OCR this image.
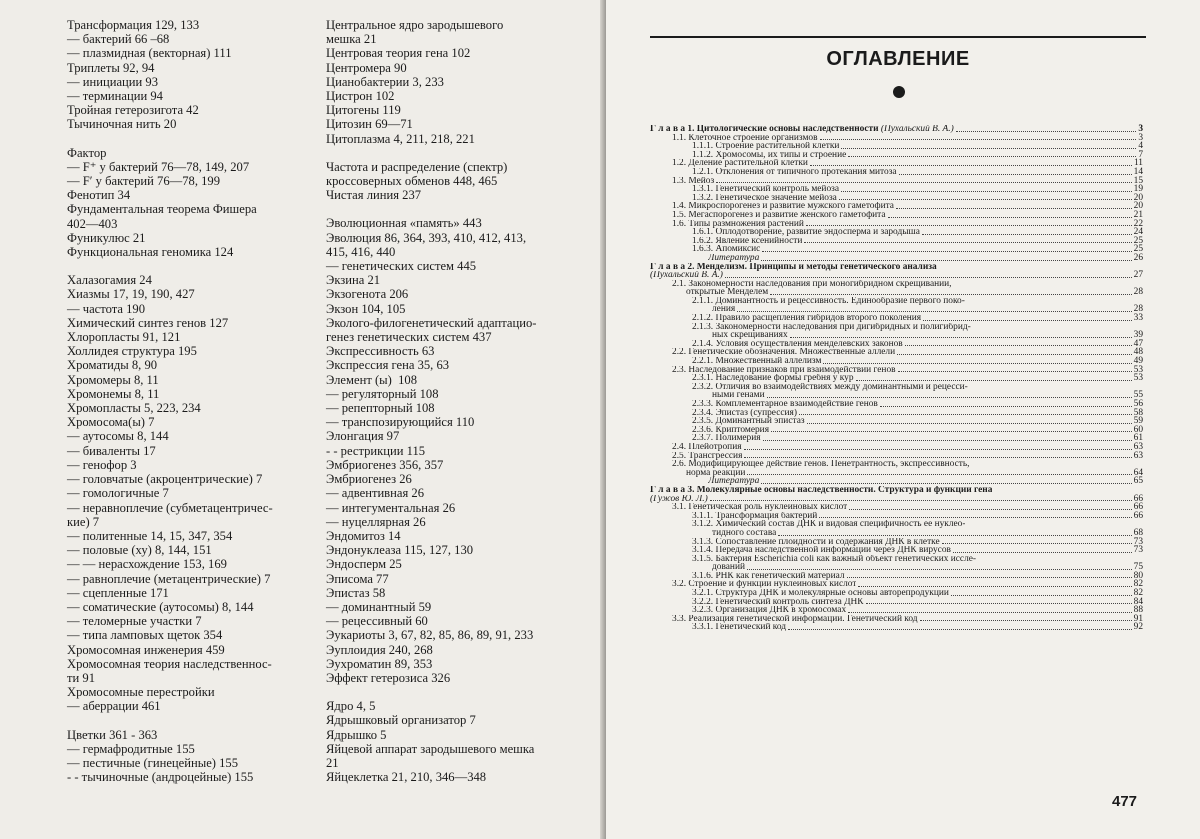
Трансформация 129, 133
— бактерий 66 –68
— плазмидная (векторная) 111
Триплеты 92, 94
— инициации 93
— терминации 94
Тройная гетерозигота 42
Тычиночная нить 20
Фактор
— F⁺ у бактерий 76—78, 149, 207
— F′ у бактерий 76—78, 199
Фенотип 34
Фундаментальная теорема Фишера
402—403
Фуникулюс 21
Функциональная геномика 124
Халазогамия 24
Хиазмы 17, 19, 190, 427
— частота 190
Химический синтез генов 127
Хлоропласты 91, 121
Холлидея структура 195
Хроматиды 8, 90
Хромомеры 8, 11
Хромонемы 8, 11
Хромопласты 5, 223, 234
Хромосома(ы) 7
— аутосомы 8, 144
— биваленты 17
— генофор 3
— головчатые (акроцентрические) 7
— гомологичные 7
— неравноплечие (субметацентричес-
кие) 7
— политенные 14, 15, 347, 354
— половые (ху) 8, 144, 151
— — нерасхождение 153, 169
— равноплечие (метацентрические) 7
— сцепленные 171
— соматические (аутосомы) 8, 144
— теломерные участки 7
— типа ламповых щеток 354
Хромосомная инженерия 459
Хромосомная теория наследственнос-
ти 91
Хромосомные перестройки
— аберрации 461
Цветки 361 - 363
— гермафродитные 155
— пестичные (гинецейные) 155
- - тычиночные (андроцейные) 155
Центральное ядро зародышевого
мешка 21
Центровая теория гена 102
Центромера 90
Цианобактерии 3, 233
Цистрон 102
Цитогены 119
Цитозин 69—71
Цитоплазма 4, 211, 218, 221
Частота и распределение (спектр)
кроссоверных обменов 448, 465
Чистая линия 237
Эволюционная «память» 443
Эволюция 86, 364, 393, 410, 412, 413,
415, 416, 440
— генетических систем 445
Экзина 21
Экзогенота 206
Экзон 104, 105
Эколого-филогенетический адаптацио-
генез генетических систем 437
Экспрессивность 63
Экспрессия гена 35, 63
Элемент (ы)  108
— регуляторный 108
— репепторный 108
— транспозирующийся 110
Элонгация 97
- - рестрикции 115
Эмбриогенез 356, 357
Эмбриогенез 26
— адвентивная 26
— интегументальная 26
— нуцеллярная 26
Эндомитоз 14
Эндонуклеаза 115, 127, 130
Эндосперм 25
Эписома 77
Эпистаз 58
— доминантный 59
— рецессивный 60
Эукариоты 3, 67, 82, 85, 86, 89, 91, 233
Эуплоидия 240, 268
Эухроматин 89, 353
Эффект гетерозиса 326
Ядро 4, 5
Ядрышковый организатор 7
Ядрышко 5
Яйцевой аппарат зародышевого мешка
21
Яйцеклетка 21, 210, 346—348
ОГЛАВЛЕНИЕ
Г л а в а 1. Цитологические основы наследственности (Пухальский В. А.)	3
1.1. Клеточное строение организмов	3
1.1.1. Строение растительной клетки	4
1.1.2. Хромосомы, их типы и строение	7
1.2. Деление растительной клетки	11
1.2.1. Отклонения от типичного протекания митоза	14
1.3. Мейоз	15
1.3.1. Генетический контроль мейоза	19
1.3.2. Генетическое значение мейоза	20
1.4. Микроспорогенез и развитие мужского гаметофита	20
1.5. Мегаспорогенез и развитие женского гаметофита	21
1.6. Типы размножения растений	22
1.6.1. Оплодотворение, развитие эндосперма и зародыша	24
1.6.2. Явление ксенийности	25
1.6.3. Апомиксис	25
Литература	26
Г л а в а 2. Менделизм. Принципы и методы генетического анализа
(Пухальский В. А.)	27
2.1. Закономерности наследования при моногибридном скрещивании,
открытые Менделем	28
2.1.1. Доминантность и рецессивность. Единообразие первого поко-
ления	28
2.1.2. Правило расщепления гибридов второго поколения	33
2.1.3. Закономерности наследования при дигибридных и полигибрид-
ных скрещиваниях	39
2.1.4. Условия осуществления менделевских законов	47
2.2. Генетические обозначения. Множественные аллели	48
2.2.1. Множественный аллелизм	49
2.3. Наследование признаков при взаимодействии генов	53
2.3.1. Наследование формы гребня у кур	53
2.3.2. Отличия во взаимодействиях между доминантными и рецесси-
ными генами	55
2.3.3. Комплементарное взаимодействие генов	56
2.3.4. Эпистаз (супрессия)	58
2.3.5. Доминантный эпистаз	59
2.3.6. Криптомерия	60
2.3.7. Полимерия	61
2.4. Плейотропия	63
2.5. Трансгрессия	63
2.6. Модифицирующее действие генов. Пенетрантность, экспрессивность,
норма реакции	64
Литература	65
Г л а в а 3. Молекулярные основы наследственности. Структура и функции гена
(Гужов Ю. Л.)	66
3.1. Генетическая роль нуклеиновых кислот	66
3.1.1. Трансформация бактерий	66
3.1.2. Химический состав ДНК и видовая специфичность ее нуклео-
тидного состава	68
3.1.3. Сопоставление плоидности и содержания ДНК в клетке	73
3.1.4. Передача наследственной информации через ДНК вирусов	73
3.1.5. Бактерия Escherichia coli как важный объект генетических иссле-
дований	75
3.1.6. РНК как генетический материал	80
3.2. Строение и функции нуклеиновых кислот	82
3.2.1. Структура ДНК и молекулярные основы авторепродукции	82
3.2.2. Генетический контроль синтеза ДНК	84
3.2.3. Организация ДНК в хромосомах	88
3.3. Реализация генетической информации. Генетический код	91
3.3.1. Генетический код	92
477
